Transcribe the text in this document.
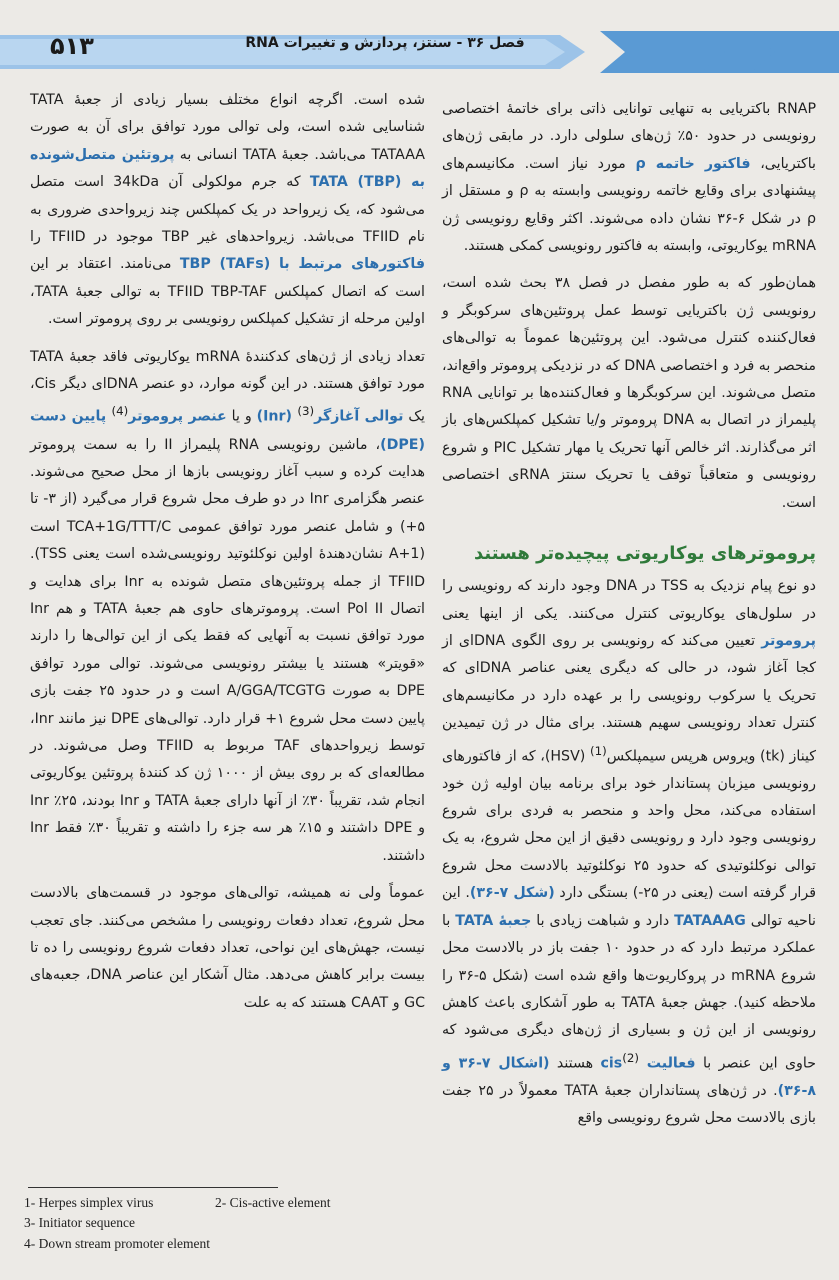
۵۱۳	فصل ۳۶ - سنتز، پردازش و تغییرات RNA

RNAP باکتریایی به تنهایی توانایی ذاتی برای خاتمهٔ اختصاصی رونویسی در حدود ۵۰٪ ژن‌های سلولی دارد. در مابقی ژن‌های باکتریایی، فاکتور خاتمه ρ مورد نیاز است. مکانیسم‌های پیشنهادی برای وقایع خاتمه رونویسی وابسته به ρ و مستقل از ρ در شکل ۶-۳۶ نشان داده می‌شوند. اکثر وقایع رونویسی ژن mRNA یوکاریوتی، وابسته به فاکتور رونویسی کمکی هستند.

همان‌طور که به طور مفصل در فصل ۳۸ بحث شده است، رونویسی ژن باکتریایی توسط عمل پروتئین‌های سرکوبگر و فعال‌کننده کنترل می‌شود. این پروتئین‌ها عموماً به توالی‌های منحصر به فرد و اختصاصی DNA که در نزدیکی پروموتر واقع‌اند، متصل می‌شوند. این سرکوبگرها و فعال‌کننده‌ها بر توانایی RNA پلیمراز در اتصال به DNA پروموتر و/یا تشکیل کمپلکس‌های باز اثر می‌گذارند. اثر خالص آنها تحریک یا مهار تشکیل PIC و شروع رونویسی و متعاقباً توقف یا تحریک سنتز RNAی اختصاصی است.

پروموترهای یوکاریوتی پیچیده‌تر هستند

دو نوع پیام نزدیک به TSS در DNA وجود دارند که رونویسی را در سلول‌های یوکاریوتی کنترل می‌کنند. یکی از اینها یعنی پروموتر تعیین می‌کند که رونویسی بر روی الگوی DNAای از کجا آغاز شود، در حالی که دیگری یعنی عناصر DNAای که تحریک یا سرکوب رونویسی را بر عهده دارد در مکانیسم‌های کنترل تعداد رونویسی سهیم هستند. برای مثال در ژن تیمیدین کیناز (tk) ویروس هرپس سیمپلکس$^{(1)}$ (HSV)، که از فاکتورهای رونویسی میزبان پستاندار خود برای برنامه بیان اولیه ژن خود استفاده می‌کند، محل واحد و منحصر به فردی برای شروع رونویسی وجود دارد و رونویسی دقیق از این محل شروع، به یک توالی نوکلئوتیدی که حدود ۲۵ نوکلئوتید بالادست محل شروع قرار گرفته است (یعنی در ۲۵-) بستگی دارد (شکل ۷-۳۶). این ناحیه توالی TATAAAG دارد و شباهت زیادی با جعبهٔ TATA با عملکرد مرتبط دارد که در حدود ۱۰ جفت باز در بالادست محل شروع mRNA در پروکاریوت‌ها واقع شده است (شکل ۵-۳۶ را ملاحظه کنید). جهش جعبهٔ TATA به طور آشکاری باعث کاهش رونویسی از این ژن و بسیاری از ژن‌های دیگری می‌شود که حاوی این عنصر با فعالیت cis$^{(2)}$ هستند (اشکال ۷-۳۶ و ۸-۳۶). در ژن‌های پستانداران جعبهٔ TATA معمولاً در ۲۵ جفت بازی بالادست محل شروع رونویسی واقع

شده است. اگرچه انواع مختلف بسیار زیادی از جعبهٔ TATA شناسایی شده است، ولی توالی مورد توافق برای آن به صورت TATAAA می‌باشد. جعبهٔ TATA انسانی به پروتئین متصل‌شونده به TATA (TBP) که جرم مولکولی آن 34kDa است متصل می‌شود که، یک زیرواحد در یک کمپلکس چند زیرواحدی ضروری به نام TFIID می‌باشد. زیرواحدهای غیر TBP موجود در TFIID را فاکتورهای مرتبط با TBP (TAFs) می‌نامند. اعتقاد بر این است که اتصال کمپلکس TFIID TBP-TAF به توالی جعبهٔ TATA، اولین مرحله از تشکیل کمپلکس رونویسی بر روی پروموتر است.

تعداد زیادی از ژن‌های کدکنندهٔ mRNA یوکاریوتی فاقد جعبهٔ TATA مورد توافق هستند. در این گونه موارد، دو عنصر DNAای دیگر Cis، یک توالی آغازگر$^{(3)}$ (Inr) و یا عنصر پروموتر$^{(4)}$ پایین دست (DPE)، ماشین رونویسی RNA پلیمراز II را به سمت پروموتر هدایت کرده و سبب آغاز رونویسی بازها از محل صحیح می‌شوند. عنصر هگزامری Inr در دو طرف محل شروع قرار می‌گیرد (از ۳- تا ۵+) و شامل عنصر مورد توافق عمومی TCA+1G/TTT/C است (A+1 نشان‌دهندهٔ اولین نوکلئوتید رونویسی‌شده است یعنی TSS). TFIID از جمله پروتئین‌های متصل شونده به Inr برای هدایت و اتصال Pol II است. پروموترهای حاوی هم جعبهٔ TATA و هم Inr مورد توافق نسبت به آنهایی که فقط یکی از این توالی‌ها را دارند «قویتر» هستند یا بیشتر رونویسی می‌شوند. توالی مورد توافق DPE به صورت A/GGA/TCGTG است و در حدود ۲۵ جفت بازی پایین دست محل شروع ۱+ قرار دارد. توالی‌های DPE نیز مانند Inr، توسط زیرواحدهای TAF مربوط به TFIID وصل می‌شوند. در مطالعه‌ای که بر روی بیش از ۱۰۰۰ ژن کد کنندهٔ پروتئین یوکاریوتی انجام شد، تقریباً ۳۰٪ از آنها دارای جعبهٔ TATA و Inr بودند، ۲۵٪ Inr و DPE داشتند و ۱۵٪ هر سه جزء را داشته و تقریباً ۳۰٪ فقط Inr داشتند.

عموماً ولی نه همیشه، توالی‌های موجود در قسمت‌های بالادست محل شروع، تعداد دفعات رونویسی را مشخص می‌کنند. جای تعجب نیست، جهش‌های این نواحی، تعداد دفعات شروع رونویسی را ده تا بیست برابر کاهش می‌دهد. مثال آشکار این عناصر DNA، جعبه‌های GC و CAAT هستند که به علت

1- Herpes simplex virus	2- Cis-active element
3- Initiator sequence
4- Down stream promoter element
